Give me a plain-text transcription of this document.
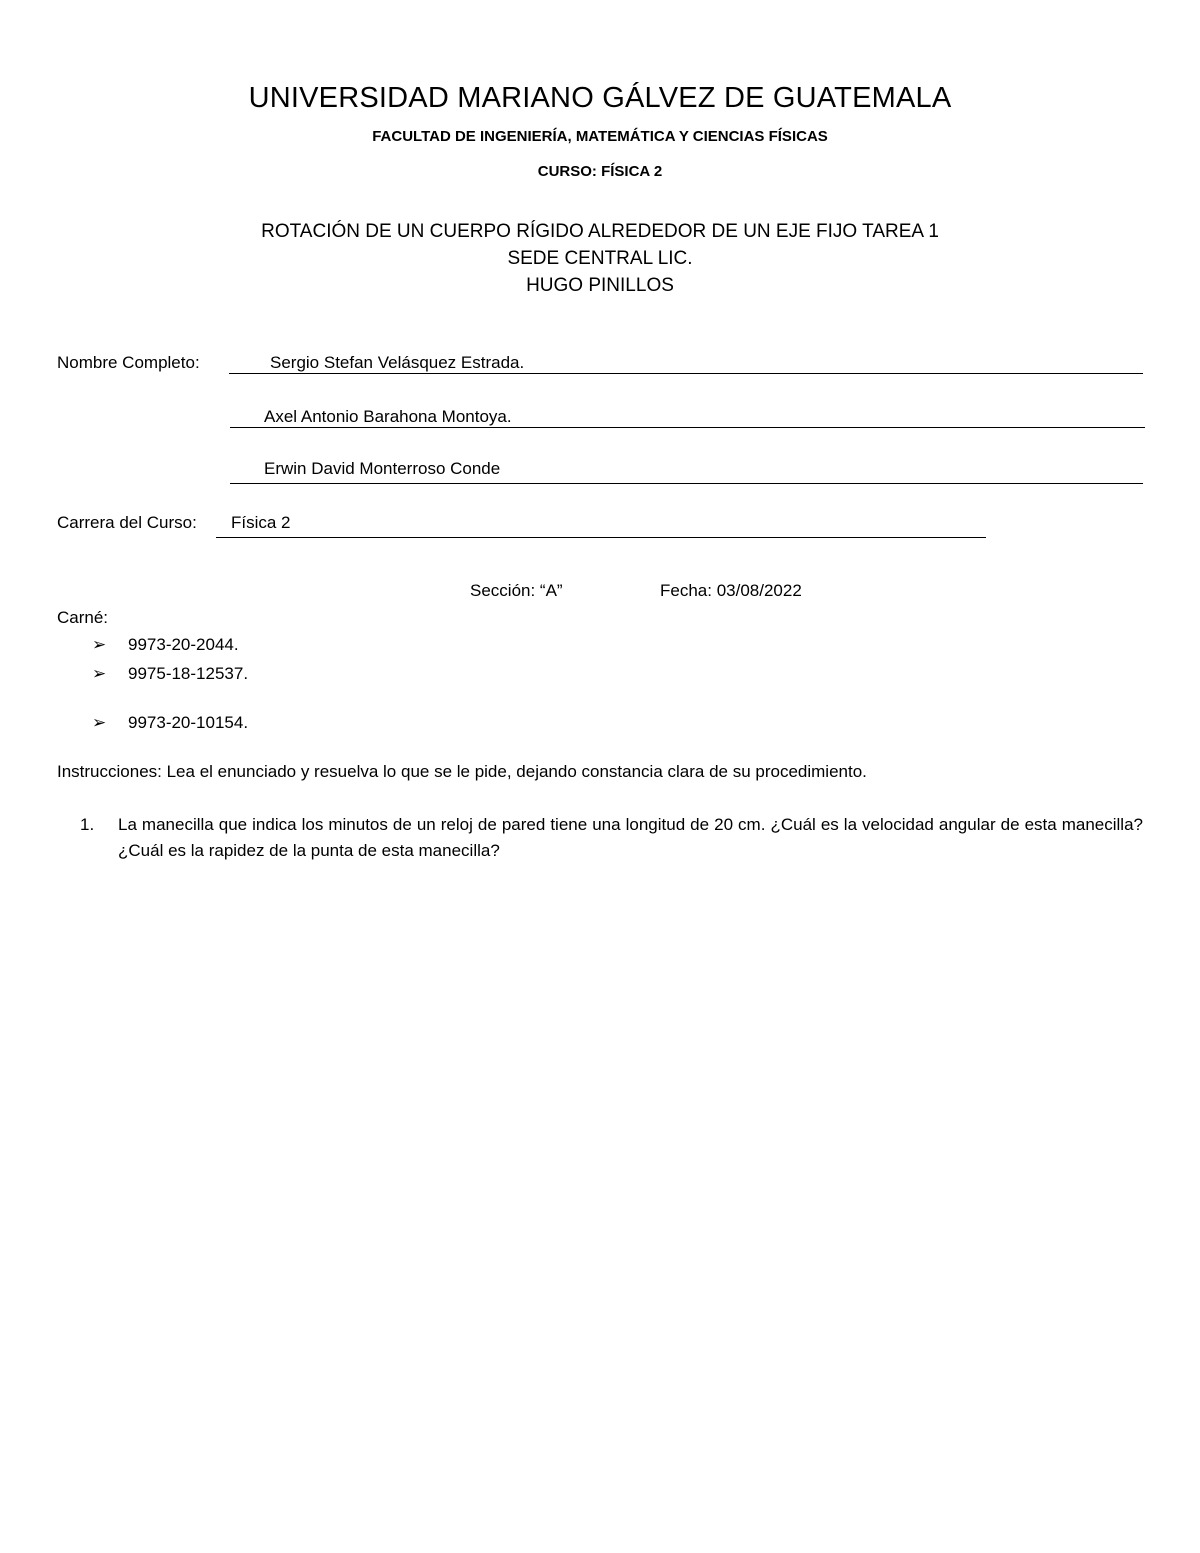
UNIVERSIDAD MARIANO GÁLVEZ DE GUATEMALA
FACULTAD DE INGENIERÍA, MATEMÁTICA Y CIENCIAS FÍSICAS
CURSO: FÍSICA 2
ROTACIÓN DE UN CUERPO RÍGIDO ALREDEDOR DE UN EJE FIJO TAREA 1
SEDE CENTRAL LIC.
HUGO PINILLOS
Nombre Completo:	Sergio Stefan Velásquez Estrada.
Axel Antonio Barahona Montoya.
Erwin David Monterroso Conde
Carrera del Curso: Física 2
Sección: “A”	Fecha: 03/08/2022
Carné:
➢ 9973-20-2044.
➢ 9975-18-12537.
➢ 9973-20-10154.
Instrucciones: Lea el enunciado y resuelva lo que se le pide, dejando constancia clara de su procedimiento.
1. La manecilla que indica los minutos de un reloj de pared tiene una longitud de 20 cm. ¿Cuál es la velocidad angular de esta manecilla? ¿Cuál es la rapidez de la punta de esta manecilla?
